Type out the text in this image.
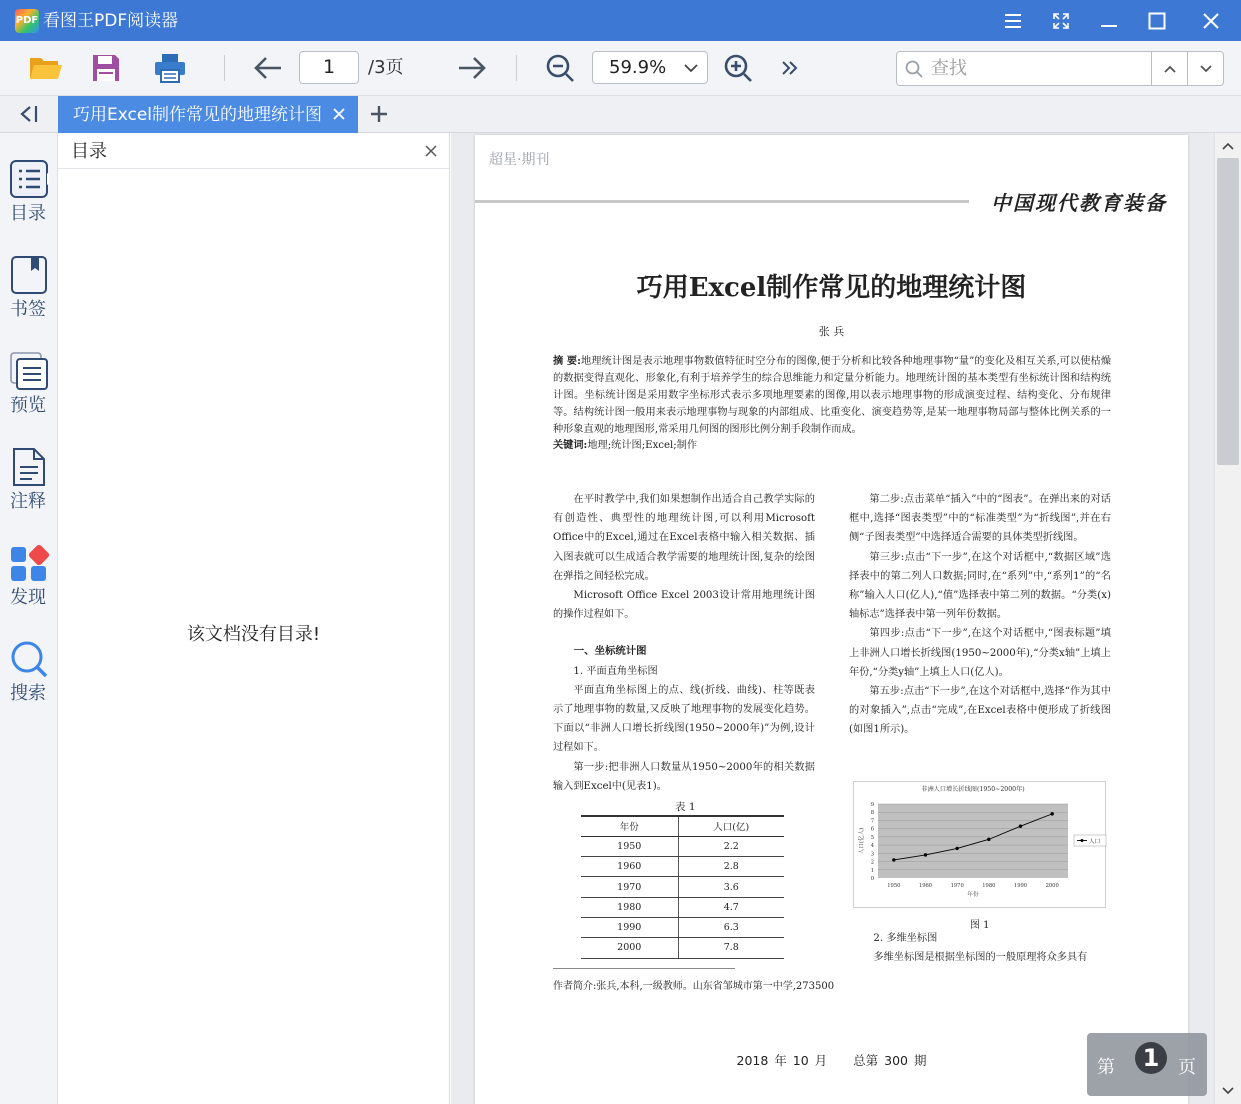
PDF 看图王PDF阅读器
1	/3页	59.9%	查找
巧用Excel制作常见的地理统计图
目录
书签
预览
注释
发现
搜索
目录
该文档没有目录!
超星·期刊
中国现代教育装备
巧用Excel制作常见的地理统计图
张 兵
摘 要:地理统计图是表示地理事物数值特征时空分布的图像,便于分析和比较各种地理事物“量”的变化及相互关系,可以使枯燥的数据变得直观化、形象化,有利于培养学生的综合思维能力和定量分析能力。地理统计图的基本类型有坐标统计图和结构统计图。坐标统计图是采用数字坐标形式表示多项地理要素的图像,用以表示地理事物的形成演变过程、结构变化、分布规律等。结构统计图一般用来表示地理事物与现象的内部组成、比重变化、演变趋势等,是某一地理事物局部与整体比例关系的一种形象直观的地理图形,常采用几何图的图形比例分割手段制作而成。
关键词:地理;统计图;Excel;制作

在平时教学中,我们如果想制作出适合自己教学实际的有创造性、典型性的地理统计图,可以利用Microsoft Office中的Excel,通过在Excel表格中输入相关数据、插入图表就可以生成适合教学需要的地理统计图,复杂的绘图在弹指之间轻松完成。

Microsoft Office Excel 2003设计常用地理统计图的操作过程如下。

一、坐标统计图
1. 平面直角坐标图

平面直角坐标图上的点、线(折线、曲线)、柱等既表示了地理事物的数量,又反映了地理事物的发展变化趋势。下面以“非洲人口增长折线图(1950~2000年)”为例,设计过程如下。

第一步:把非洲人口数量从1950~2000年的相关数据输入到Excel中(见表1)。

表 1
年份	人口(亿)
1950	2.2
1960	2.8
1970	3.6
1980	4.7
1990	6.3
2000	7.8

第二步:点击菜单“插入”中的“图表”。在弹出来的对话框中,选择“图表类型”中的“标准类型”为“折线图”,并在右侧“子图表类型”中选择适合需要的具体类型折线图。

第三步:点击“下一步”,在这个对话框中,“数据区域”选择表中的第二列人口数据;同时,在“系列”中,“系列1”的“名称”输入人口(亿人),“值”选择表中第二列的数据。“分类(x)轴标志”选择表中第一列年份数据。

第四步:点击“下一步”,在这个对话框中,“图表标题”填上非洲人口增长折线图(1950~2000年),“分类x轴”上填上年份,“分类y轴”上填上人口(亿人)。

第五步:点击“下一步”,在这个对话框中,选择“作为其中的对象插入”,点击“完成”,在Excel表格中便形成了折线图(如图1所示)。

非洲人口增长折线图(1950~2000年)
0
1
2
3
4
5
6
7
8
9
1950	1960	1970	1980	1990	2000
年份
人口(亿人)	人口
图 1
2. 多维坐标图
多维坐标图是根据坐标图的一般原理将众多具有
作者简介:张兵,本科,一级教师。山东省邹城市第一中学,273500
2018 年 10 月 总第 300 期	第	1	页
